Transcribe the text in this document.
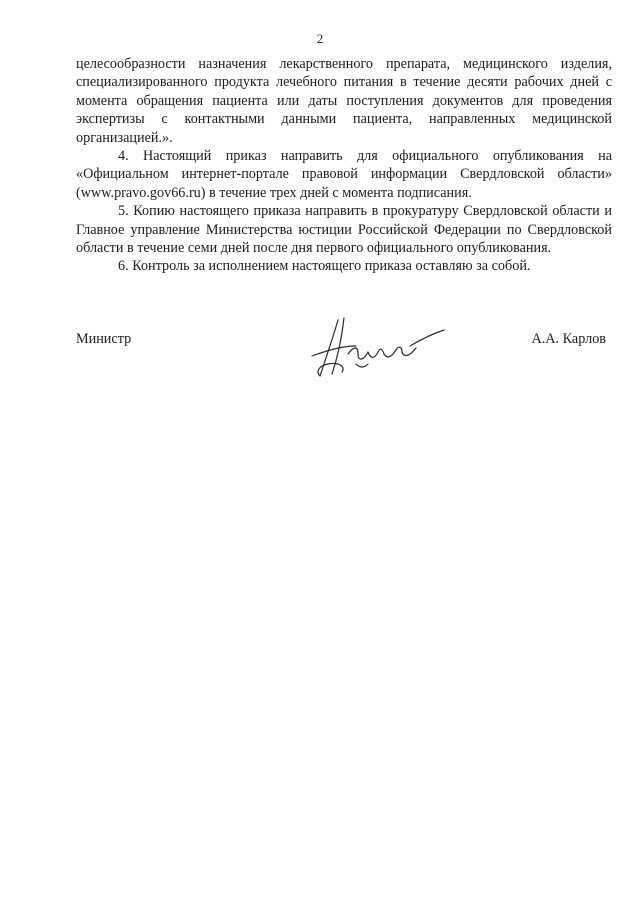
2

целесообразности назначения лекарственного препарата, медицинского изделия, специализированного продукта лечебного питания в течение десяти рабочих дней с момента обращения пациента или даты поступления документов для проведения экспертизы с контактными данными пациента, направленных медицинской организацией.».

4. Настоящий приказ направить для официального опубликования на «Официальном интернет-портале правовой информации Свердловской области» (www.pravo.gov66.ru) в течение трех дней с момента подписания.

5. Копию настоящего приказа направить в прокуратуру Свердловской области и Главное управление Министерства юстиции Российской Федерации по Свердловской области в течение семи дней после дня первого официального опубликования.

6. Контроль за исполнением настоящего приказа оставляю за собой.

Министр	А.А. Карлов
